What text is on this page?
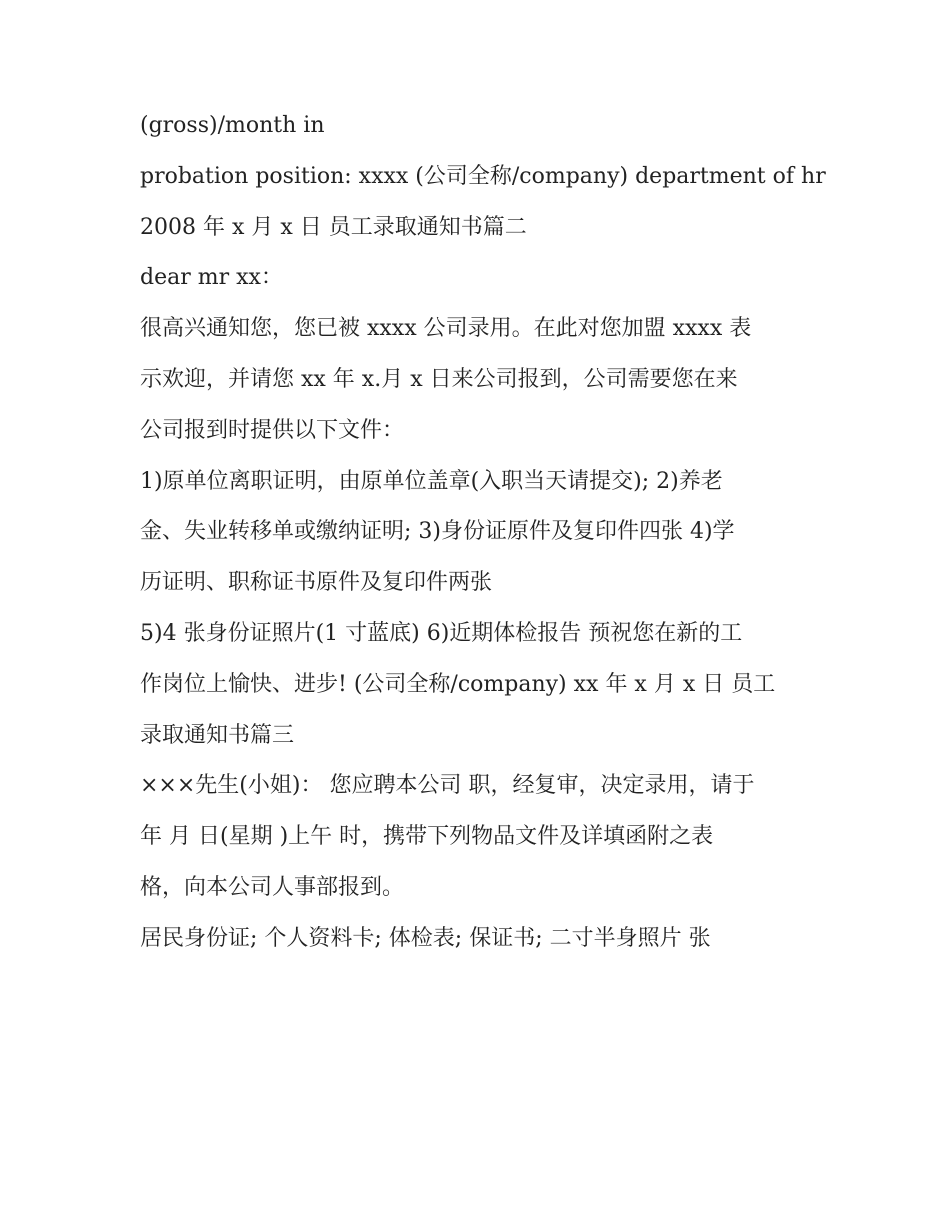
(gross)/month in
probation position: xxxx (公司全称/company) department of hr
2008 年 x 月 x 日 员工录取通知书篇二
dear mr xx：
很高兴通知您，您已被 xxxx 公司录用。在此对您加盟 xxxx 表
示欢迎，并请您 xx 年 x.月 x 日来公司报到，公司需要您在来
公司报到时提供以下文件：
1)原单位离职证明，由原单位盖章(入职当天请提交); 2)养老
金、失业转移单或缴纳证明; 3)身份证原件及复印件四张 4)学
历证明、职称证书原件及复印件两张
5)4 张身份证照片(1 寸蓝底) 6)近期体检报告 预祝您在新的工
作岗位上愉快、进步! (公司全称/company) xx 年 x 月 x 日 员工
录取通知书篇三
×××先生(小姐)： 您应聘本公司 职，经复审，决定录用，请于
年 月 日(星期 )上午 时，携带下列物品文件及详填函附之表
格，向本公司人事部报到。
居民身份证; 个人资料卡; 体检表; 保证书; 二寸半身照片 张
